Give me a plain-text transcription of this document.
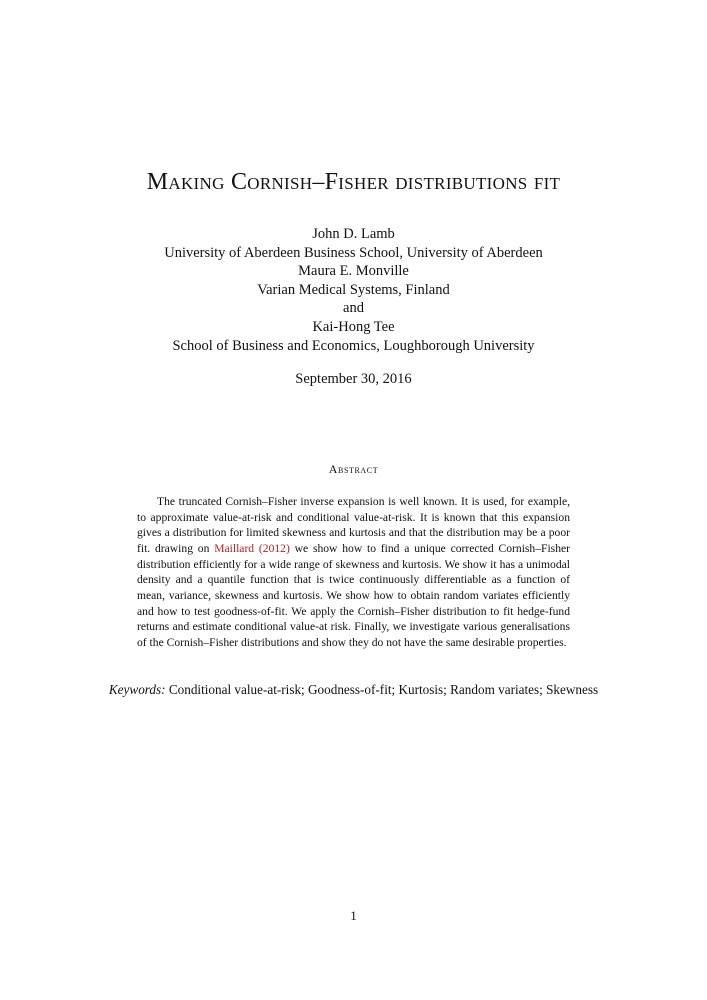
Making Cornish–Fisher distributions fit
John D. Lamb
University of Aberdeen Business School, University of Aberdeen
Maura E. Monville
Varian Medical Systems, Finland
and
Kai-Hong Tee
School of Business and Economics, Loughborough University
September 30, 2016
Abstract

The truncated Cornish–Fisher inverse expansion is well known. It is used, for example, to approximate value-at-risk and conditional value-at-risk. It is known that this expansion gives a distribution for limited skewness and kurtosis and that the distribution may be a poor fit. drawing on Maillard (2012) we show how to find a unique corrected Cornish–Fisher distribution efficiently for a wide range of skewness and kurtosis. We show it has a unimodal density and a quantile function that is twice continuously differentiable as a function of mean, variance, skewness and kurtosis. We show how to obtain random variates efficiently and how to test goodness-of-fit. We apply the Cornish–Fisher distribution to fit hedge-fund returns and estimate conditional value-at risk. Finally, we investigate various generalisations of the Cornish–Fisher distributions and show they do not have the same desirable properties.

Keywords: Conditional value-at-risk; Goodness-of-fit; Kurtosis; Random variates; Skewness
1
